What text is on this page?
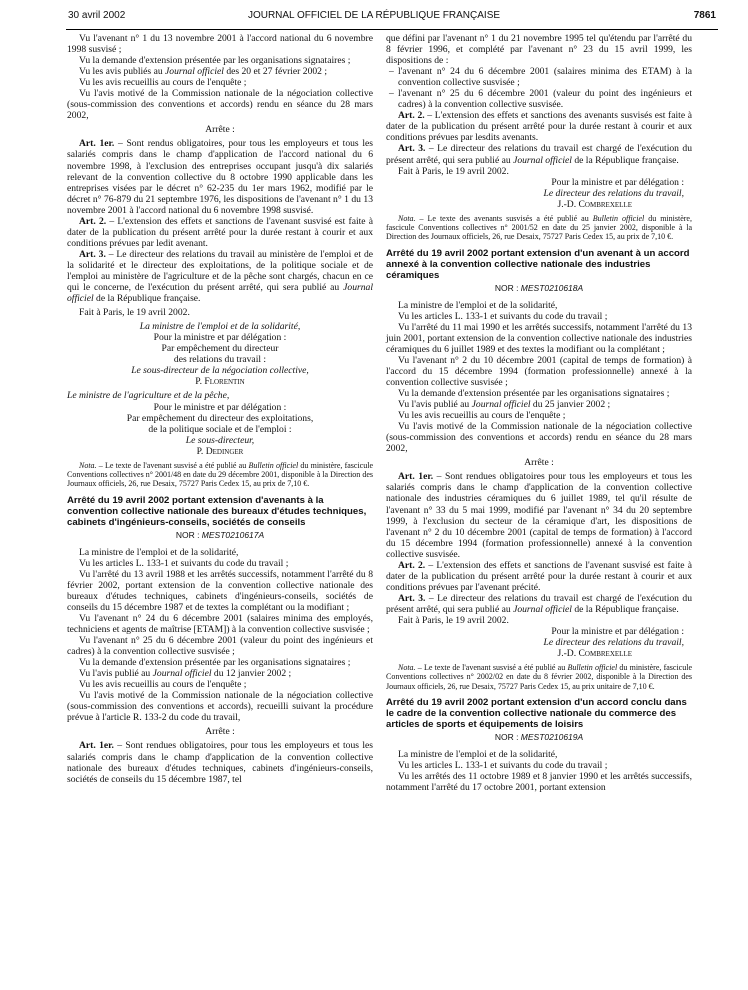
30 avril 2002	JOURNAL OFFICIEL DE LA RÉPUBLIQUE FRANÇAISE	7861

Vu l'avenant n° 1 du 13 novembre 2001 à l'accord national du 6 novembre 1998 susvisé ;

Vu la demande d'extension présentée par les organisations signataires ;

Vu les avis publiés au Journal officiel des 20 et 27 février 2002 ;

Vu les avis recueillis au cours de l'enquête ;

Vu l'avis motivé de la Commission nationale de la négociation collective (sous-commission des conventions et accords) rendu en séance du 28 mars 2002,

Arrête :

Art. 1er. – Sont rendus obligatoires, pour tous les employeurs et tous les salariés compris dans le champ d'application de l'accord national du 6 novembre 1998, à l'exclusion des entreprises occupant jusqu'à dix salariés relevant de la convention collective du 8 octobre 1990 applicable dans les entreprises visées par le décret n° 62-235 du 1er mars 1962, modifié par le décret n° 76-879 du 21 septembre 1976, les dispositions de l'avenant n° 1 du 13 novembre 2001 à l'accord national du 6 novembre 1998 susvisé.

Art. 2. – L'extension des effets et sanctions de l'avenant susvisé est faite à dater de la publication du présent arrêté pour la durée restant à courir et aux conditions prévues par ledit avenant.

Art. 3. – Le directeur des relations du travail au ministère de l'emploi et de la solidarité et le directeur des exploitations, de la politique sociale et de l'emploi au ministère de l'agriculture et de la pêche sont chargés, chacun en ce qui le concerne, de l'exécution du présent arrêté, qui sera publié au Journal officiel de la République française.

Fait à Paris, le 19 avril 2002.

La ministre de l'emploi et de la solidarité,

Pour la ministre et par délégation :

Par empêchement du directeur

des relations du travail :

Le sous-directeur de la négociation collective,

P. Florentin

Le ministre de l'agriculture et de la pêche,

Pour le ministre et par délégation :

Par empêchement du directeur des exploitations,

de la politique sociale et de l'emploi :

Le sous-directeur,

P. Dedinger

Nota. – Le texte de l'avenant susvisé a été publié au Bulletin officiel du ministère, fascicule Conventions collectives n° 2001/48 en date du 29 décembre 2001, disponible à la Direction des Journaux officiels, 26, rue Desaix, 75727 Paris Cedex 15, au prix de 7,10 €.

Arrêté du 19 avril 2002 portant extension d'avenants à la convention collective nationale des bureaux d'études techniques, cabinets d'ingénieurs-conseils, sociétés de conseils

NOR : MEST0210617A

La ministre de l'emploi et de la solidarité,

Vu les articles L. 133-1 et suivants du code du travail ;

Vu l'arrêté du 13 avril 1988 et les arrêtés successifs, notamment l'arrêté du 8 février 2002, portant extension de la convention collective nationale des bureaux d'études techniques, cabinets d'ingénieurs-conseils, sociétés de conseils du 15 décembre 1987 et de textes la complétant ou la modifiant ;

Vu l'avenant n° 24 du 6 décembre 2001 (salaires minima des employés, techniciens et agents de maîtrise [ETAM]) à la convention collective susvisée ;

Vu l'avenant n° 25 du 6 décembre 2001 (valeur du point des ingénieurs et cadres) à la convention collective susvisée ;

Vu la demande d'extension présentée par les organisations signataires ;

Vu l'avis publié au Journal officiel du 12 janvier 2002 ;

Vu les avis recueillis au cours de l'enquête ;

Vu l'avis motivé de la Commission nationale de la négociation collective (sous-commission des conventions et accords), recueilli suivant la procédure prévue à l'article R. 133-2 du code du travail,

Arrête :

Art. 1er. – Sont rendues obligatoires, pour tous les employeurs et tous les salariés compris dans le champ d'application de la convention collective nationale des bureaux d'études techniques, cabinets d'ingénieurs-conseils, sociétés de conseils du 15 décembre 1987, tel

que défini par l'avenant n° 1 du 21 novembre 1995 tel qu'étendu par l'arrêté du 8 février 1996, et complété par l'avenant n° 23 du 15 avril 1999, les dispositions de :

– l'avenant n° 24 du 6 décembre 2001 (salaires minima des ETAM) à la convention collective susvisée ;

– l'avenant n° 25 du 6 décembre 2001 (valeur du point des ingénieurs et cadres) à la convention collective susvisée.

Art. 2. – L'extension des effets et sanctions des avenants susvisés est faite à dater de la publication du présent arrêté pour la durée restant à courir et aux conditions prévues par lesdits avenants.

Art. 3. – Le directeur des relations du travail est chargé de l'exécution du présent arrêté, qui sera publié au Journal officiel de la République française.

Fait à Paris, le 19 avril 2002.

Pour la ministre et par délégation :

Le directeur des relations du travail,

J.-D. Combrexelle

Nota. – Le texte des avenants susvisés a été publié au Bulletin officiel du ministère, fascicule Conventions collectives n° 2001/52 en date du 25 janvier 2002, disponible à la Direction des Journaux officiels, 26, rue Desaix, 75727 Paris Cedex 15, au prix de 7,10 €.

Arrêté du 19 avril 2002 portant extension d'un avenant à un accord annexé à la convention collective nationale des industries céramiques

NOR : MEST0210618A

La ministre de l'emploi et de la solidarité,

Vu les articles L. 133-1 et suivants du code du travail ;

Vu l'arrêté du 11 mai 1990 et les arrêtés successifs, notamment l'arrêté du 13 juin 2001, portant extension de la convention collective nationale des industries céramiques du 6 juillet 1989 et des textes la modifiant ou la complétant ;

Vu l'avenant n° 2 du 10 décembre 2001 (capital de temps de formation) à l'accord du 15 décembre 1994 (formation professionnelle) annexé à la convention collective susvisée ;

Vu la demande d'extension présentée par les organisations signataires ;

Vu l'avis publié au Journal officiel du 25 janvier 2002 ;

Vu les avis recueillis au cours de l'enquête ;

Vu l'avis motivé de la Commission nationale de la négociation collective (sous-commission des conventions et accords) rendu en séance du 28 mars 2002,

Arrête :

Art. 1er. – Sont rendues obligatoires pour tous les employeurs et tous les salariés compris dans le champ d'application de la convention collective nationale des industries céramiques du 6 juillet 1989, tel qu'il résulte de l'avenant n° 33 du 5 mai 1999, modifié par l'avenant n° 34 du 20 septembre 1999, à l'exclusion du secteur de la céramique d'art, les dispositions de l'avenant n° 2 du 10 décembre 2001 (capital de temps de formation) à l'accord du 15 décembre 1994 (formation professionnelle) annexé à la convention collective susvisée.

Art. 2. – L'extension des effets et sanctions de l'avenant susvisé est faite à dater de la publication du présent arrêté pour la durée restant à courir et aux conditions prévues par l'avenant précité.

Art. 3. – Le directeur des relations du travail est chargé de l'exécution du présent arrêté, qui sera publié au Journal officiel de la République française.

Fait à Paris, le 19 avril 2002.

Pour la ministre et par délégation :

Le directeur des relations du travail,

J.-D. Combrexelle

Nota. – Le texte de l'avenant susvisé a été publié au Bulletin officiel du ministère, fascicule Conventions collectives n° 2002/02 en date du 8 février 2002, disponible à la Direction des Journaux officiels, 26, rue Desaix, 75727 Paris Cedex 15, au prix unitaire de 7,10 €.

Arrêté du 19 avril 2002 portant extension d'un accord conclu dans le cadre de la convention collective nationale du commerce des articles de sports et équipements de loisirs

NOR : MEST0210619A

La ministre de l'emploi et de la solidarité,

Vu les articles L. 133-1 et suivants du code du travail ;

Vu les arrêtés des 11 octobre 1989 et 8 janvier 1990 et les arrêtés successifs, notamment l'arrêté du 17 octobre 2001, portant extension
